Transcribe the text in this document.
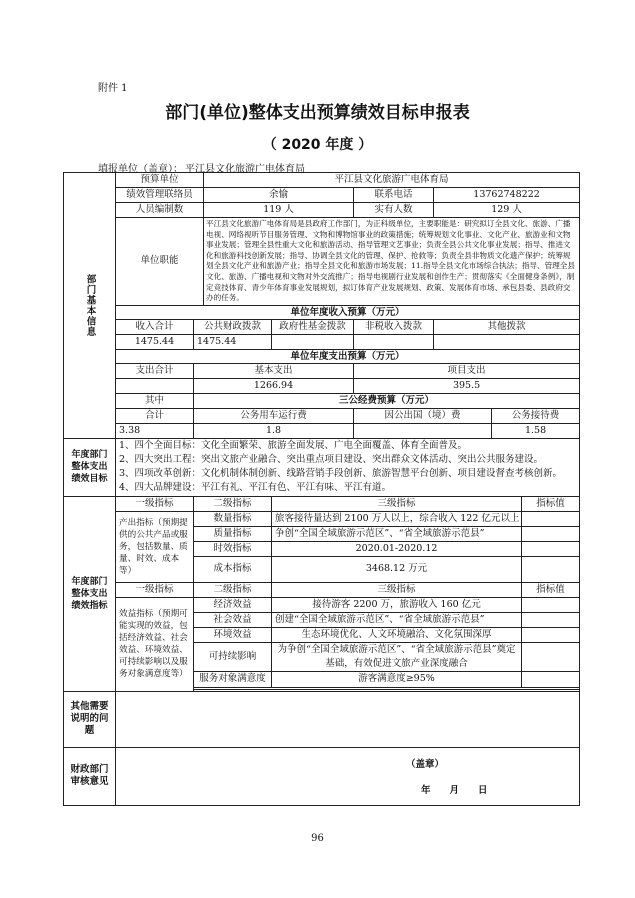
附件 1
部门(单位)整体支出预算绩效目标申报表
（ 2020 年度 ）
填报单位（盖章）： 平江县文化旅游广电体育局
部门基本信息	预算单位		平江县文化旅游广电体育局					
	绩效管理联络员		余愉		联系电话	13762748222		
	人员编制数		119 人		实有人数	129 人		
	单位职能		平江县文化旅游广电体育局是县政府工作部门，为正科级单位，主要职能是：研究拟订全县文化、旅游、广播电视、网络视听节目服务管理、文物和博物馆事业的政策措施；统筹规划文化事业、文化产业、旅游业和文物事业发展；管理全县性重大文化和旅游活动、指导管理文艺事业；负责全县公共文化事业发展；指导、推进文化和旅游科技创新发展；指导、协调全县文化的管理、保护、抢救等；负责全县非物质文化遗产保护；统筹规划全县文化产业和旅游产业；指导全县文化和旅游市场发展；11.指导全县文化市场综合执法；指导、管理全县文化、旅游、广播电视和文物对外交流推广；指导电视剧行业发展和创作生产；贯彻落实《全面健身条例》，制定竞技体育、青少年体育事业发展规划，拟订体育产业发展规划、政策、发展体育市场、承包县委、县政府交办的任务。					
	单位年度收入预算（万元）							
	收入合计	公共财政拨款		政府性基金拨款	非税收入拨款	其他拨款		
	1475.44	1475.44						
	单位年度支出预算（万元）							
	支出合计	基本支出			项目支出			
		1266.94			395.5			
	其中	三公经费预算（万元）						
	合计	公务用车运行费			因公出国（境）费		公务接待费	
	3.38	1.8					1.58	
年度部门整体支出绩效目标	1、四个全面目标：文化全面繁荣、旅游全面发展、广电全面覆盖、体育全面普及。
2、四大突出工程：突出文旅产业融合、突出重点项目建设、突出群众文体活动、突出公共服务建设。
3、四项改革创新：文化机制体制创新、线路营销手段创新、旅游智慧平台创新、项目建设督查考核创新。
4、四大品牌建设：平江有礼、平江有色、平江有味、平江有道。							

年度部门整体支出绩效指标	一级指标	二级指标		三级指标				指标值
	产出指标（预期提供的公共产品或服务，包括数量、质量、时效、成本等）	数量指标		旅客接待量达到 2100 万人以上，综合收入 122 亿元以上				
		质量指标		争创“全国全域旅游示范区”、“省全域旅游示范县”				
		时效指标		2020.01-2020.12				
		成本指标		3468.12 万元				
	一级指标	二级指标		三级指标				指标值
	效益指标（预期可能实现的效益，包括经济效益、社会效益、环境效益、可持续影响以及服务对象满意度等）	经济效益		接待游客 2200 万，旅游收入 160 亿元				
		社会效益		创建“全国全域旅游示范区”、“省全域旅游示范县”				
		环境效益		生态环境优化、人文环境融洽、文化氛围深厚				
		可持续影响		为争创“全国全域旅游示范区”、“省全域旅游示范县”奠定基础，有效促进文旅产业深度融合				
		服务对象满意度		游客满意度≥95%				

其他需要说明的问题								
财政部门审核意见	（盖章）
年　　月　　日							
96
